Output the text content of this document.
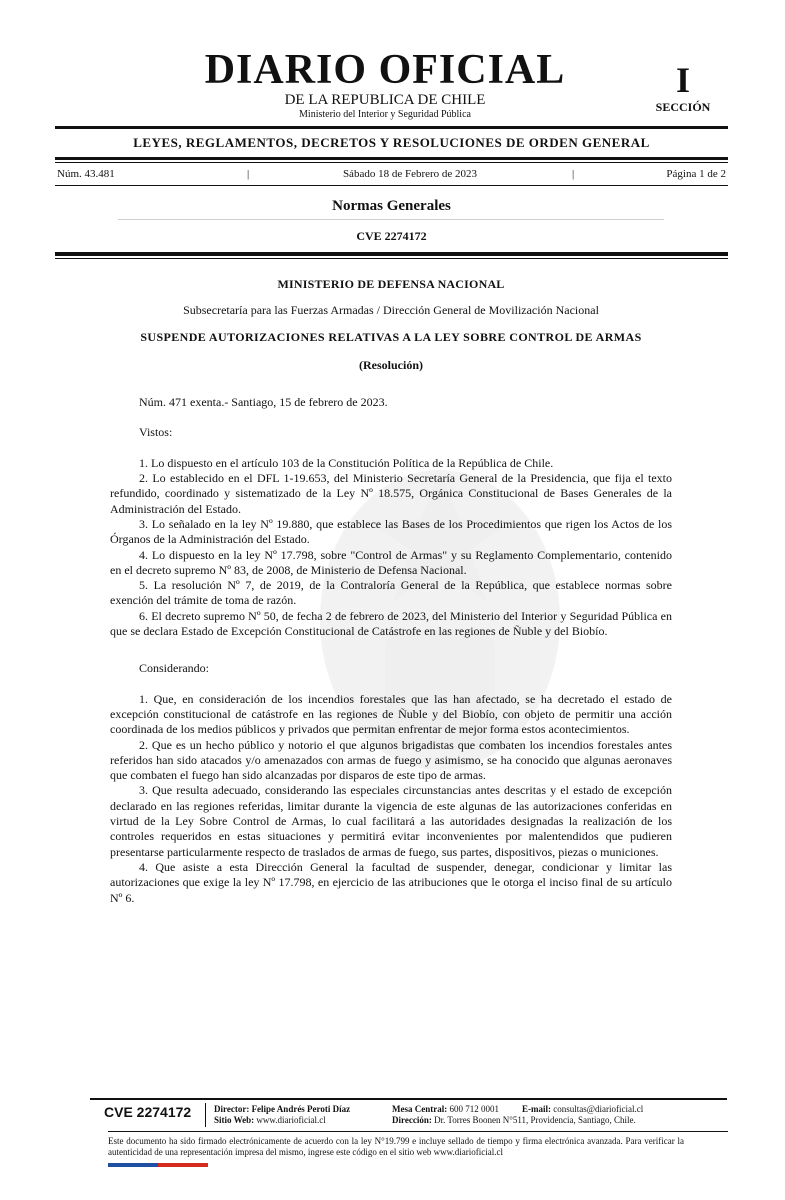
DIARIO OFICIAL
DE LA REPUBLICA DE CHILE
Ministerio del Interior y Seguridad Pública
I
SECCIÓN
LEYES, REGLAMENTOS, DECRETOS Y RESOLUCIONES DE ORDEN GENERAL
Núm. 43.481	|	Sábado 18 de Febrero de 2023	|	Página 1 de 2
Normas Generales
CVE 2274172
MINISTERIO DE DEFENSA NACIONAL
Subsecretaría para las Fuerzas Armadas / Dirección General de Movilización Nacional
SUSPENDE AUTORIZACIONES RELATIVAS A LA LEY SOBRE CONTROL DE ARMAS
(Resolución)
Núm. 471 exenta.- Santiago, 15 de febrero de 2023.
Vistos:
1. Lo dispuesto en el artículo 103 de la Constitución Política de la República de Chile.
2. Lo establecido en el DFL 1-19.653, del Ministerio Secretaría General de la Presidencia, que fija el texto refundido, coordinado y sistematizado de la Ley Nº 18.575, Orgánica Constitucional de Bases Generales de la Administración del Estado.
3. Lo señalado en la ley Nº 19.880, que establece las Bases de los Procedimientos que rigen los Actos de los Órganos de la Administración del Estado.
4. Lo dispuesto en la ley Nº 17.798, sobre "Control de Armas" y su Reglamento Complementario, contenido en el decreto supremo Nº 83, de 2008, de Ministerio de Defensa Nacional.
5. La resolución Nº 7, de 2019, de la Contraloría General de la República, que establece normas sobre exención del trámite de toma de razón.
6. El decreto supremo Nº 50, de fecha 2 de febrero de 2023, del Ministerio del Interior y Seguridad Pública en que se declara Estado de Excepción Constitucional de Catástrofe en las regiones de Ñuble y del Biobío.
Considerando:
1. Que, en consideración de los incendios forestales que las han afectado, se ha decretado el estado de excepción constitucional de catástrofe en las regiones de Ñuble y del Biobío, con objeto de permitir una acción coordinada de los medios públicos y privados que permitan enfrentar de mejor forma estos acontecimientos.
2. Que es un hecho público y notorio el que algunos brigadistas que combaten los incendios forestales antes referidos han sido atacados y/o amenazados con armas de fuego y asimismo, se ha conocido que algunas aeronaves que combaten el fuego han sido alcanzadas por disparos de este tipo de armas.
3. Que resulta adecuado, considerando las especiales circunstancias antes descritas y el estado de excepción declarado en las regiones referidas, limitar durante la vigencia de este algunas de las autorizaciones conferidas en virtud de la Ley Sobre Control de Armas, lo cual facilitará a las autoridades designadas la realización de los controles requeridos en estas situaciones y permitirá evitar inconvenientes por malentendidos que pudieren presentarse particularmente respecto de traslados de armas de fuego, sus partes, dispositivos, piezas o municiones.
4. Que asiste a esta Dirección General la facultad de suspender, denegar, condicionar y limitar las autorizaciones que exige la ley Nº 17.798, en ejercicio de las atribuciones que le otorga el inciso final de su artículo Nº 6.
CVE 2274172	Director: Felipe Andrés Peroti Díaz
Sitio Web: www.diarioficial.cl
Mesa Central: 600 712 0001
Dirección: Dr. Torres Boonen N°511, Providencia, Santiago, Chile.
E-mail: consultas@diarioficial.cl
Este documento ha sido firmado electrónicamente de acuerdo con la ley N°19.799 e incluye sellado de tiempo y firma electrónica avanzada. Para verificar la autenticidad de una representación impresa del mismo, ingrese este código en el sitio web www.diarioficial.cl
